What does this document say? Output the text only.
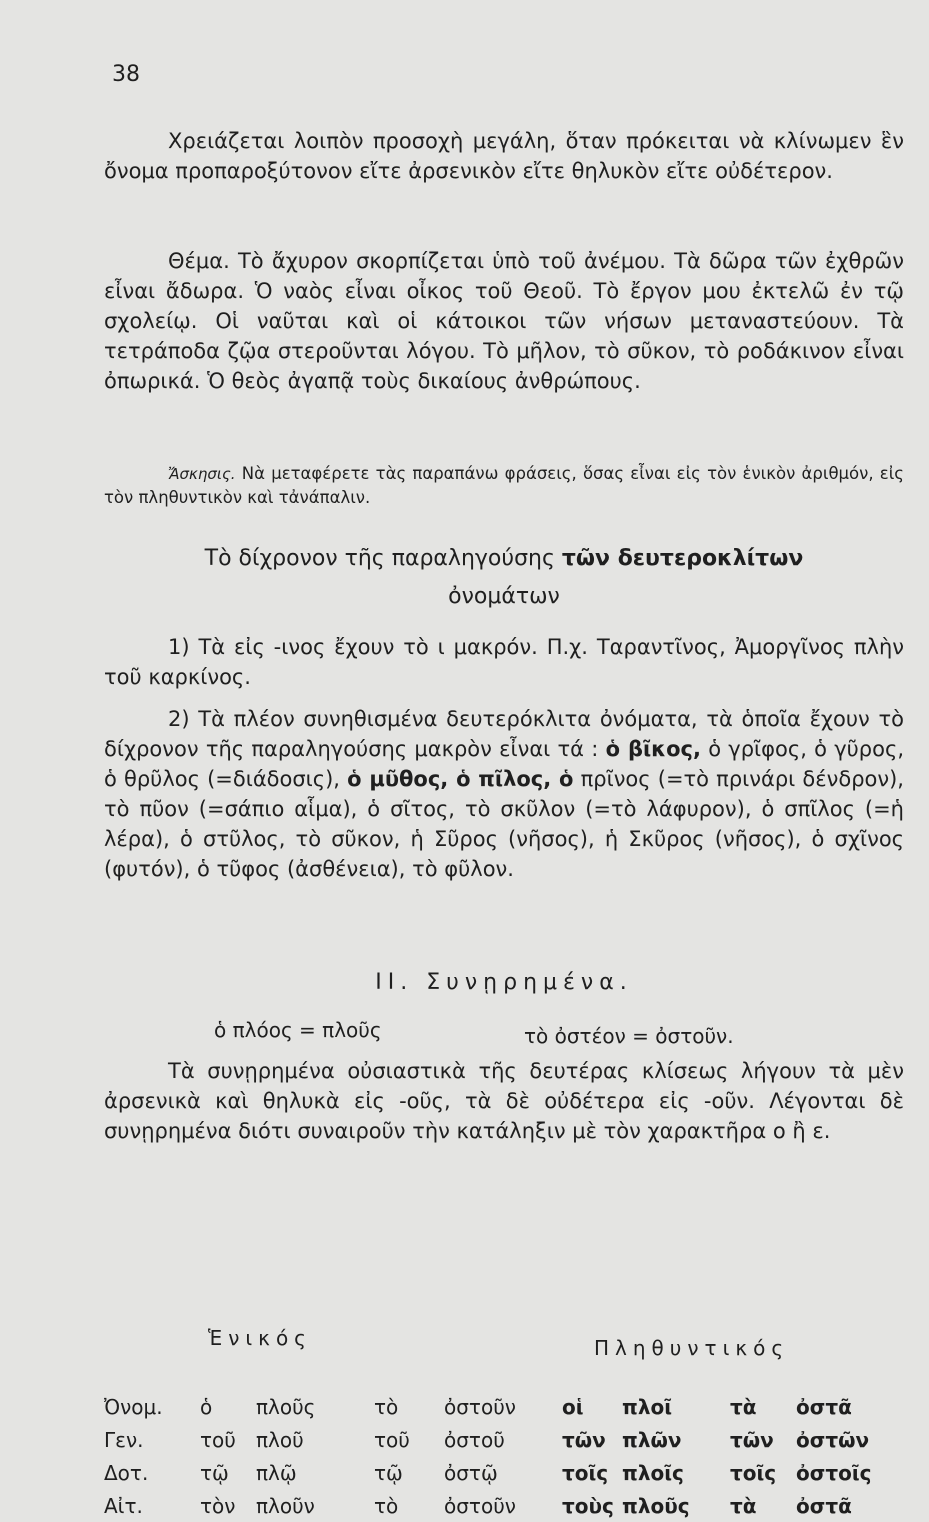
38

Χρειάζεται λοιπὸν προσοχὴ μεγάλη, ὅταν πρόκειται νὰ κλίνωμεν ἓν ὄνομα προπαροξύτονον εἴτε ἀρσενικὸν εἴτε θηλυκὸν εἴτε οὐδέτερον.

Θέμα. Τὸ ἄχυρον σκορπίζεται ὑπὸ τοῦ ἀνέμου. Τὰ δῶρα τῶν ἐχθρῶν εἶναι ἄδωρα. Ὁ ναὸς εἶναι οἶκος τοῦ Θεοῦ. Τὸ ἔργον μου ἐκτελῶ ἐν τῷ σχολείῳ. Οἱ ναῦται καὶ οἱ κάτοικοι τῶν νήσων μεταναστεύουν. Τὰ τετράποδα ζῷα στεροῦνται λόγου. Τὸ μῆλον, τὸ σῦκον, τὸ ροδάκινον εἶναι ὀπωρικά. Ὁ θεὸς ἀγαπᾷ τοὺς δικαίους ἀνθρώπους.

Ἄσκησις. Νὰ μεταφέρετε τὰς παραπάνω φράσεις, ὅσας εἶναι εἰς τὸν ἑνικὸν ἀριθμόν, εἰς τὸν πληθυντικὸν καὶ τἀνάπαλιν.

Τὸ δίχρονον τῆς παραληγούσης τῶν δευτεροκλίτων
ὀνομάτων

1) Τὰ εἰς -ινος ἔχουν τὸ ι μακρόν. Π.χ. Ταραντῖνος, Ἀμοργῖνος πλὴν τοῦ καρκίνος.

2) Τὰ πλέον συνηθισμένα δευτερόκλιτα ὀνόματα, τὰ ὁποῖα ἔχουν τὸ δίχρονον τῆς παραληγούσης μακρὸν εἶναι τά : ὁ βῖκος, ὁ γρῖφος, ὁ γῦρος, ὁ θρῦλος (=διάδοσις), ὁ μῦθος, ὁ πῖλος, ὁ πρῖνος (=τὸ πρινάρι δένδρον), τὸ πῦον (=σάπιο αἷμα), ὁ σῖτος, τὸ σκῦλον (=τὸ λάφυρον), ὁ σπῖλος (=ἡ λέρα), ὁ στῦλος, τὸ σῦκον, ἡ Σῦρος (νῆσος), ἡ Σκῦρος (νῆσος), ὁ σχῖνος (φυτόν), ὁ τῦφος (ἀσθένεια), τὸ φῦλον.

ΙΙ. Συνῃρημένα.
ὁ πλόος = πλοῦς	τὸ ὀστέον = ὀστοῦν.

Τὰ συνῃρημένα οὐσιαστικὰ τῆς δευτέρας κλίσεως λήγουν τὰ μὲν ἀρσενικὰ καὶ θηλυκὰ εἰς -οῦς, τὰ δὲ οὐδέτερα εἰς -οῦν. Λέγονται δὲ συνῃρημένα διότι συναιροῦν τὴν κατάληξιν μὲ τὸν χαρακτῆρα ο ἢ ε.

Ἑνικός	Πληθυντικός
Ὀνομ.	ὁ	πλοῦς	τὸ	ὀστοῦν	οἱ	πλοῖ	τὰ	ὀστᾶ
Γεν.	τοῦ	πλοῦ	τοῦ	ὀστοῦ	τῶν	πλῶν	τῶν	ὀστῶν
Δοτ.	τῷ	πλῷ	τῷ	ὀστῷ	τοῖς	πλοῖς	τοῖς	ὀστοῖς
Αἰτ.	τὸν	πλοῦν	τὸ	ὀστοῦν	τοὺς	πλοῦς	τὰ	ὀστᾶ
